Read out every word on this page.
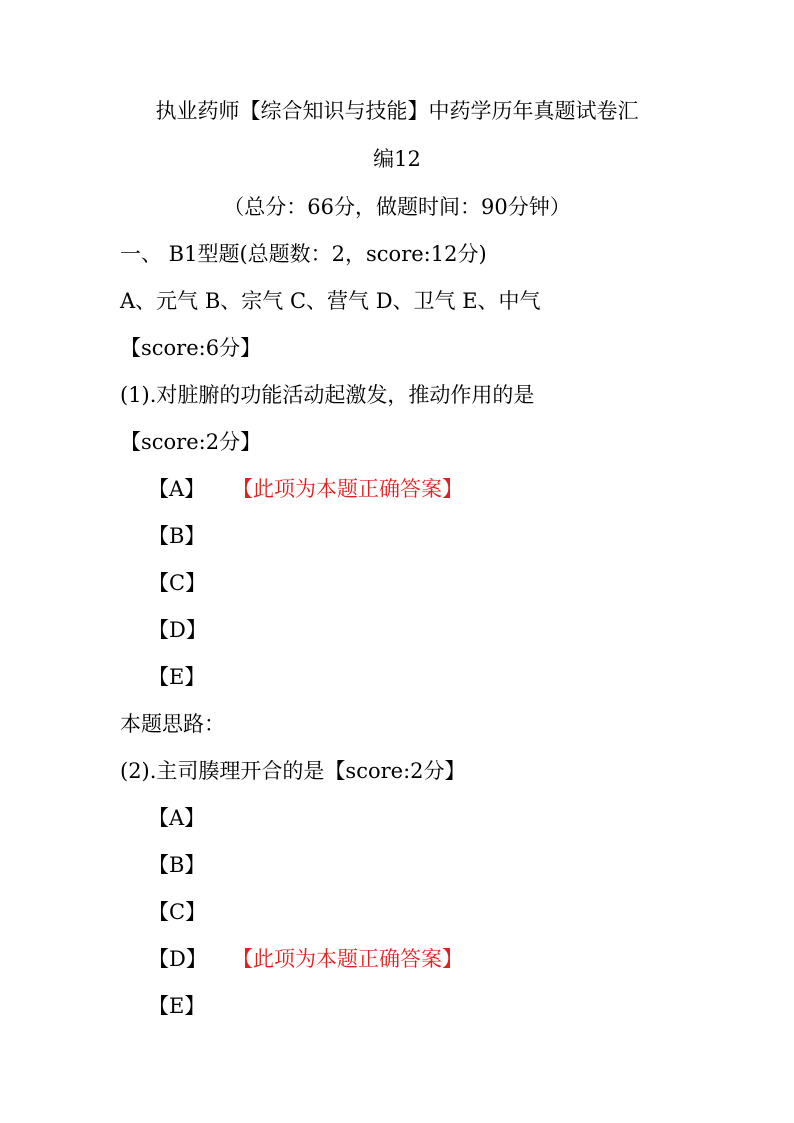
执业药师【综合知识与技能】中药学历年真题试卷汇
编12
（总分：66分，做题时间：90分钟）
一、 B1型题(总题数：2，score:12分)
A、元气 B、宗气 C、营气 D、卫气 E、中气
【score:6分】
(1).对脏腑的功能活动起激发，推动作用的是
【score:2分】
【A】 【此项为本题正确答案】
【B】
【C】
【D】
【E】
本题思路：
(2).主司腠理开合的是【score:2分】
【A】
【B】
【C】
【D】 【此项为本题正确答案】
【E】
